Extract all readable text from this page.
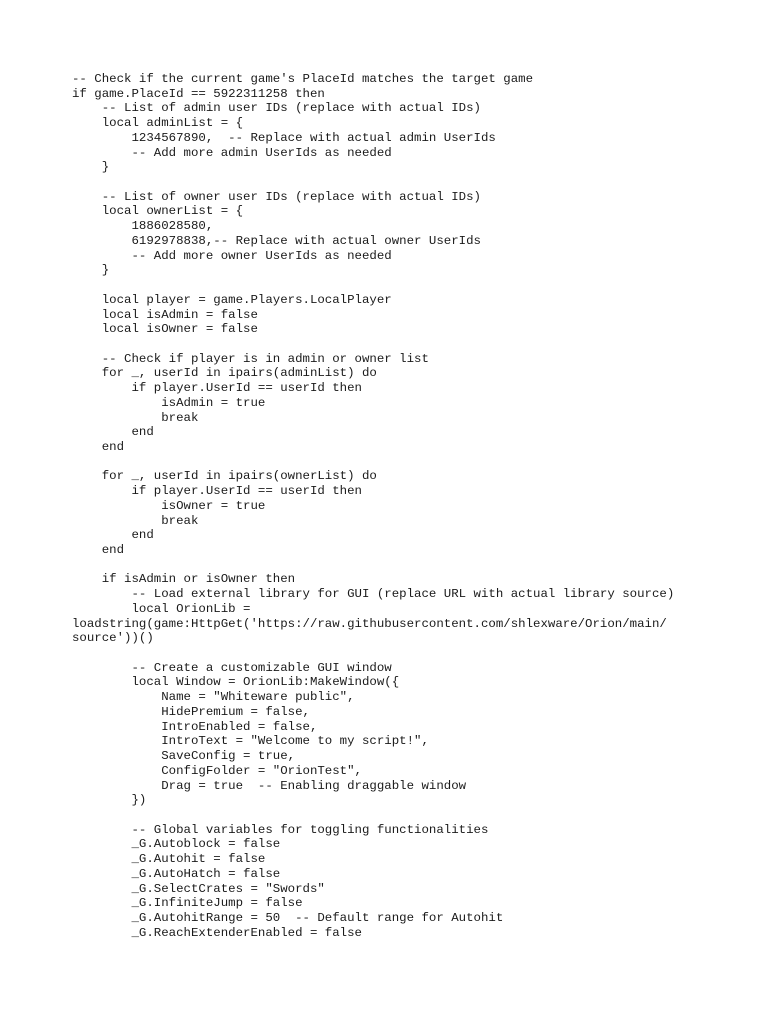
-- Check if the current game's PlaceId matches the target game
if game.PlaceId == 5922311258 then
-- List of admin user IDs (replace with actual IDs)
local adminList = {
1234567890,  -- Replace with actual admin UserIds
-- Add more admin UserIds as needed
}
-- List of owner user IDs (replace with actual IDs)
local ownerList = {
1886028580,
6192978838,-- Replace with actual owner UserIds
-- Add more owner UserIds as needed
}
local player = game.Players.LocalPlayer
local isAdmin = false
local isOwner = false
-- Check if player is in admin or owner list
for _, userId in ipairs(adminList) do
if player.UserId == userId then
isAdmin = true
break
end
end
for _, userId in ipairs(ownerList) do
if player.UserId == userId then
isOwner = true
break
end
end
if isAdmin or isOwner then
-- Load external library for GUI (replace URL with actual library source)
local OrionLib =
loadstring(game:HttpGet('https://raw.githubusercontent.com/shlexware/Orion/main/
source'))()
-- Create a customizable GUI window
local Window = OrionLib:MakeWindow({
Name = "Whiteware public",
HidePremium = false,
IntroEnabled = false,
IntroText = "Welcome to my script!",
SaveConfig = true,
ConfigFolder = "OrionTest",
Drag = true  -- Enabling draggable window
})
-- Global variables for toggling functionalities
_G.Autoblock = false
_G.Autohit = false
_G.AutoHatch = false
_G.SelectCrates = "Swords"
_G.InfiniteJump = false
_G.AutohitRange = 50  -- Default range for Autohit
_G.ReachExtenderEnabled = false
